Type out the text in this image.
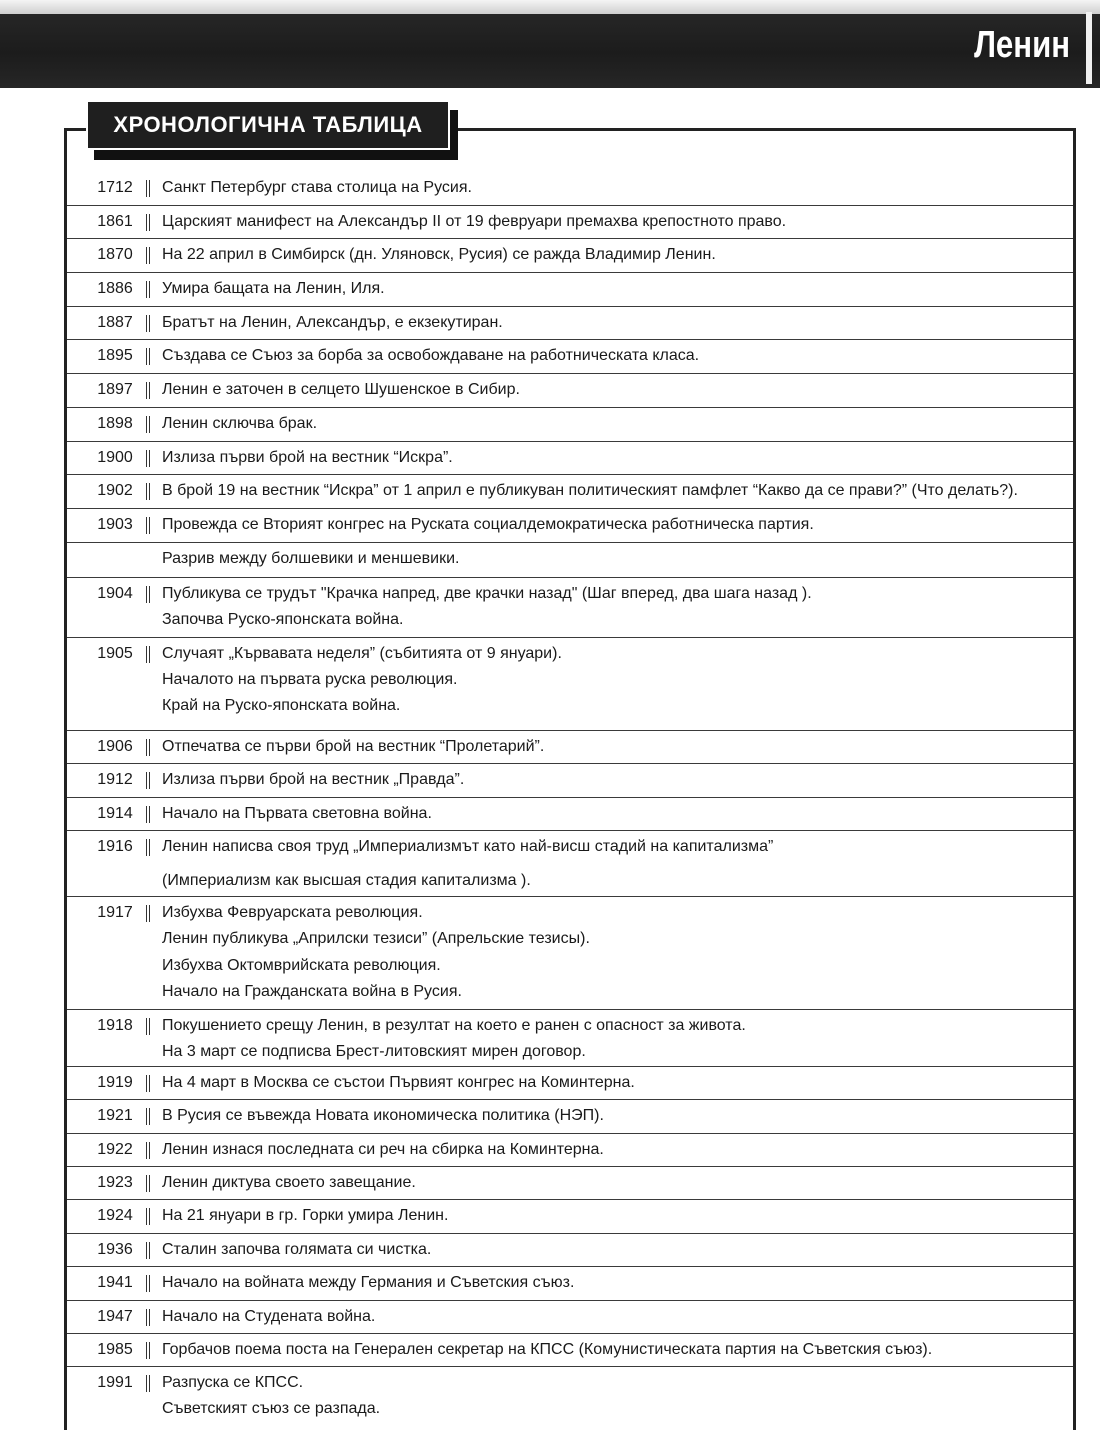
Ленин
ХРОНОЛОГИЧНА ТАБЛИЦА
1712	Санкт Петербург става столица на Русия.
1861	Царският манифест на Александър II от 19 февруари премахва крепостното право.
1870	На 22 април в Симбирск (дн. Уляновск, Русия) се ражда Владимир Ленин.
1886	Умира бащата на Ленин, Иля.
1887	Братът на Ленин, Александър, е екзекутиран.
1895	Създава се Съюз за борба за освобождаване на работническата класа.
1897	Ленин е заточен в селцето Шушенское в Сибир.
1898	Ленин сключва брак.
1900	Излиза първи брой на вестник “Искра”.
1902	В брой 19 на вестник “Искра” от 1 април е публикуван политическият памфлет “Какво да се прави?” (Что делать?).
1903	Провежда се Вторият конгрес на Руската социалдемократическа работническа партия.
Разрив между болшевики и меншевики.
1904	Публикува се трудът "Крачка напред, две крачки назад" (Шаг вперед, два шага назад ).
Започва Руско-японската война.
1905	Случаят „Кървавата неделя” (събитията от 9 януари).
Началото на първата руска революция.
Край на Руско-японската война.
1906	Отпечатва се първи брой на вестник “Пролетарий”.
1912	Излиза първи брой на вестник „Правда”.
1914	Начало на Първата световна война.
1916	Ленин написва своя труд „Империализмът като най-висш стадий на капитализма”
(Империализм как высшая стадия капитализма ).
1917	Избухва Февруарската революция.
Ленин публикува „Априлски тезиси” (Апрельские тезисы).
Избухва Октомврийската революция.
Начало на Гражданската война в Русия.
1918	Покушението срещу Ленин, в резултат на което е ранен с опасност за живота.
На 3 март се подписва Брест-литовският мирен договор.
1919	На 4 март в Москва се състои Първият конгрес на Коминтерна.
1921	В Русия се въвежда Новата икономическа политика (НЭП).
1922	Ленин изнася последната си реч на сбирка на Коминтерна.
1923	Ленин диктува своето завещание.
1924	На 21 януари в гр. Горки умира Ленин.
1936	Сталин започва голямата си чистка.
1941	Начало на войната между Германия и Съветския съюз.
1947	Начало на Студената война.
1985	Горбачов поема поста на Генерален секретар на КПСС (Комунистическата партия на Съветския съюз).
1991	Разпуска се КПСС.
Съветският съюз се разпада.
